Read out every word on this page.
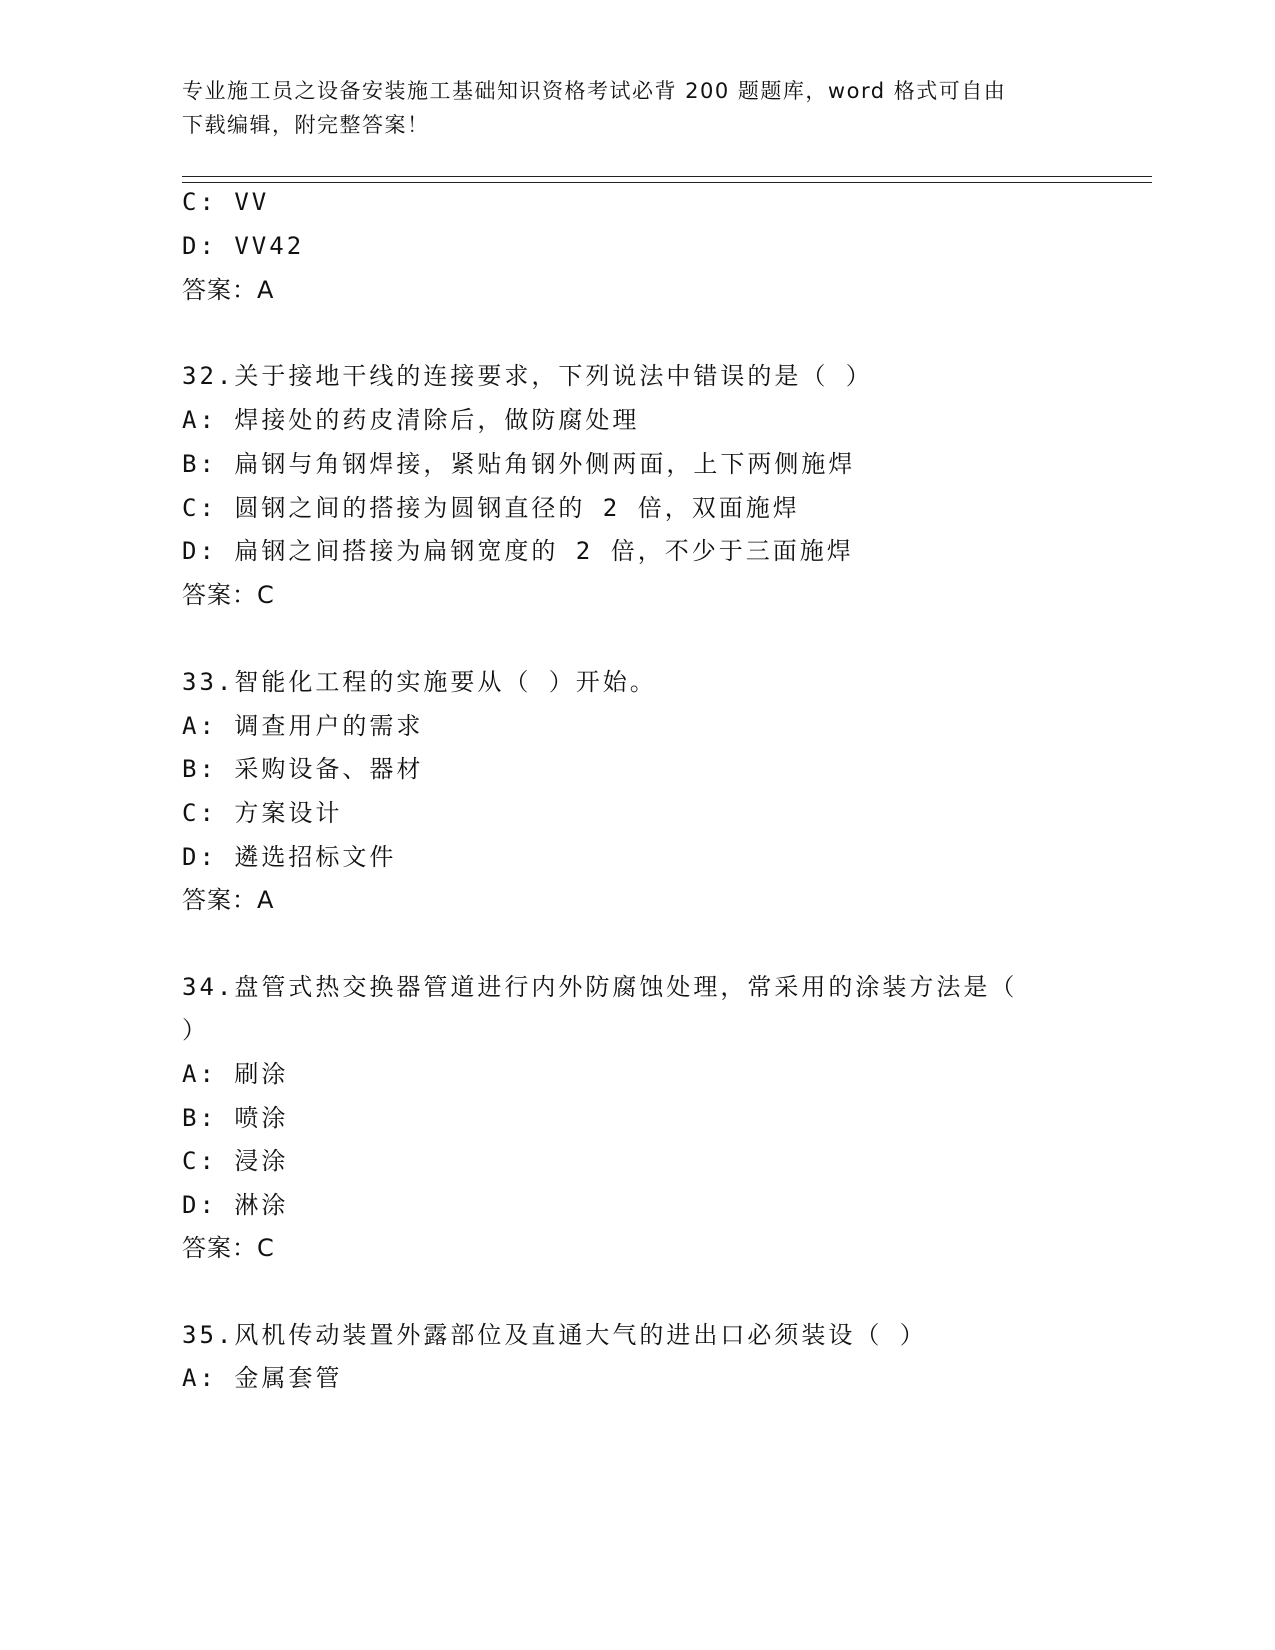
专业施工员之设备安装施工基础知识资格考试必背 200 题题库，word 格式可自由
下载编辑，附完整答案！
C: VV
D: VV42
答案：A
32.关于接地干线的连接要求，下列说法中错误的是（ ）
A: 焊接处的药皮清除后，做防腐处理
B: 扁钢与角钢焊接，紧贴角钢外侧两面，上下两侧施焊
C: 圆钢之间的搭接为圆钢直径的 2 倍，双面施焊
D: 扁钢之间搭接为扁钢宽度的 2 倍，不少于三面施焊
答案：C
33.智能化工程的实施要从（ ）开始。
A: 调查用户的需求
B: 采购设备、器材
C: 方案设计
D: 遴选招标文件
答案：A
34.盘管式热交换器管道进行内外防腐蚀处理，常采用的涂装方法是（
）
A: 刷涂
B: 喷涂
C: 浸涂
D: 淋涂
答案：C
35.风机传动装置外露部位及直通大气的进出口必须装设（ ）
A: 金属套管
